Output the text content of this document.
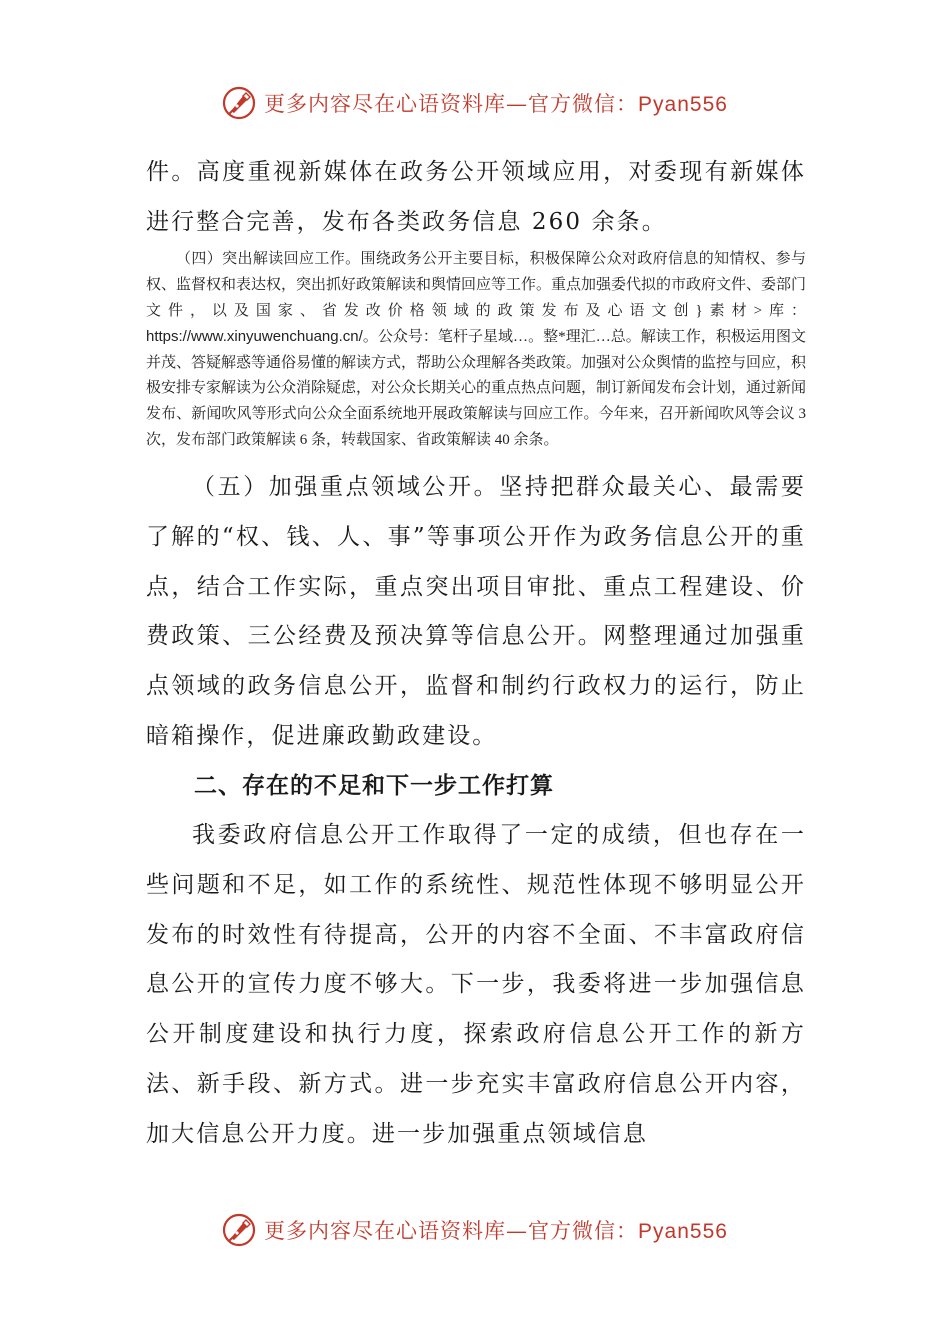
更多内容尽在心语资料库—官方微信：Pyan556

件。高度重视新媒体在政务公开领域应用，对委现有新媒体进行整合完善，发布各类政务信息 260 余条。

（四）突出解读回应工作。围绕政务公开主要目标，积极保障公众对政府信息的知情权、参与权、监督权和表达权，突出抓好政策解读和舆情回应等工作。重点加强委代拟的市政府文件、委部门文件，以及国家、省发改价格领域的政策发布及心语文创}素材>库：https://www.xinyuwenchuang.cn/。公众号：笔杆子星域…。整*理汇…总。解读工作，积极运用图文并茂、答疑解惑等通俗易懂的解读方式，帮助公众理解各类政策。加强对公众舆情的监控与回应，积极安排专家解读为公众消除疑虑，对公众长期关心的重点热点问题，制订新闻发布会计划，通过新闻发布、新闻吹风等形式向公众全面系统地开展政策解读与回应工作。今年来，召开新闻吹风等会议 3 次，发布部门政策解读 6 条，转载国家、省政策解读 40 余条。

（五）加强重点领域公开。坚持把群众最关心、最需要了解的“权、钱、人、事”等事项公开作为政务信息公开的重点，结合工作实际，重点突出项目审批、重点工程建设、价费政策、三公经费及预决算等信息公开。网整理通过加强重点领域的政务信息公开，监督和制约行政权力的运行，防止暗箱操作，促进廉政勤政建设。

二、存在的不足和下一步工作打算

我委政府信息公开工作取得了一定的成绩，但也存在一些问题和不足，如工作的系统性、规范性体现不够明显公开发布的时效性有待提高，公开的内容不全面、不丰富政府信息公开的宣传力度不够大。下一步，我委将进一步加强信息公开制度建设和执行力度，探索政府信息公开工作的新方法、新手段、新方式。进一步充实丰富政府信息公开内容，加大信息公开力度。进一步加强重点领域信息

更多内容尽在心语资料库—官方微信：Pyan556
